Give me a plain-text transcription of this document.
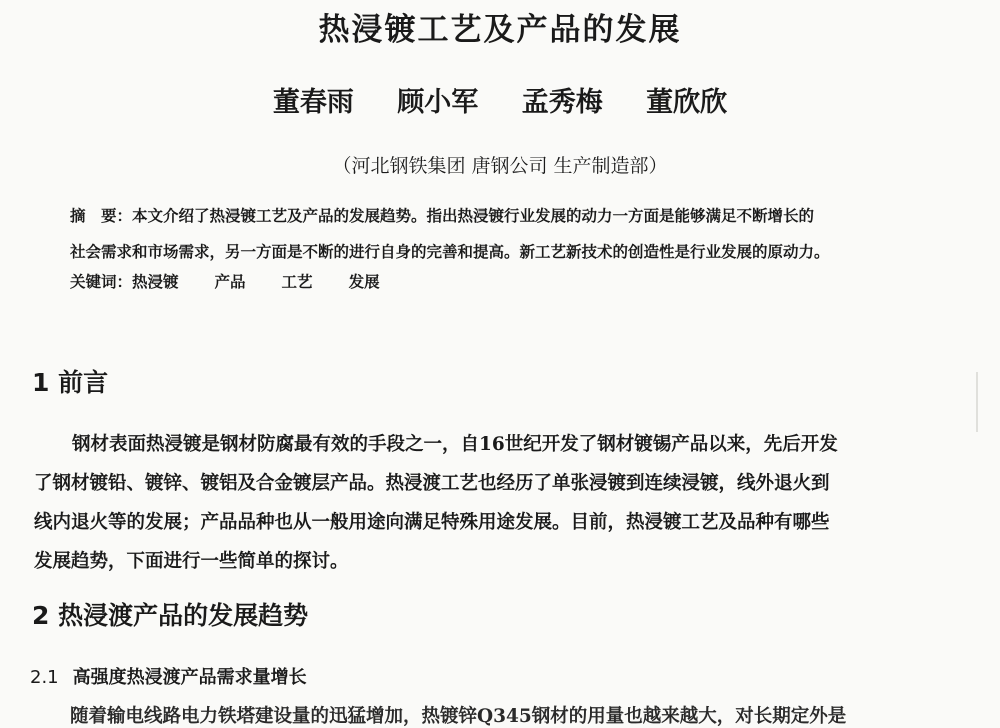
热浸镀工艺及产品的发展
董春雨 顾小军 孟秀梅 董欣欣
（河北钢铁集团 唐钢公司 生产制造部）
摘　要：本文介绍了热浸镀工艺及产品的发展趋势。指出热浸镀行业发展的动力一方面是能够满足不断增长的
社会需求和市场需求，另一方面是不断的进行自身的完善和提高。新工艺新技术的创造性是行业发展的原动力。
关键词：热浸镀 产品 工艺 发展
1 前言
钢材表面热浸镀是钢材防腐最有效的手段之一，自16世纪开发了钢材镀锡产品以来，先后开发
了钢材镀铅、镀锌、镀铝及合金镀层产品。热浸渡工艺也经历了单张浸镀到连续浸镀，线外退火到
线内退火等的发展；产品品种也从一般用途向满足特殊用途发展。目前，热浸镀工艺及品种有哪些
发展趋势，下面进行一些简单的探讨。
2 热浸渡产品的发展趋势
2.1 高强度热浸渡产品需求量增长
随着输电线路电力铁塔建设量的迅猛增加，热镀锌Q345钢材的用量也越来越大，对长期定外是
